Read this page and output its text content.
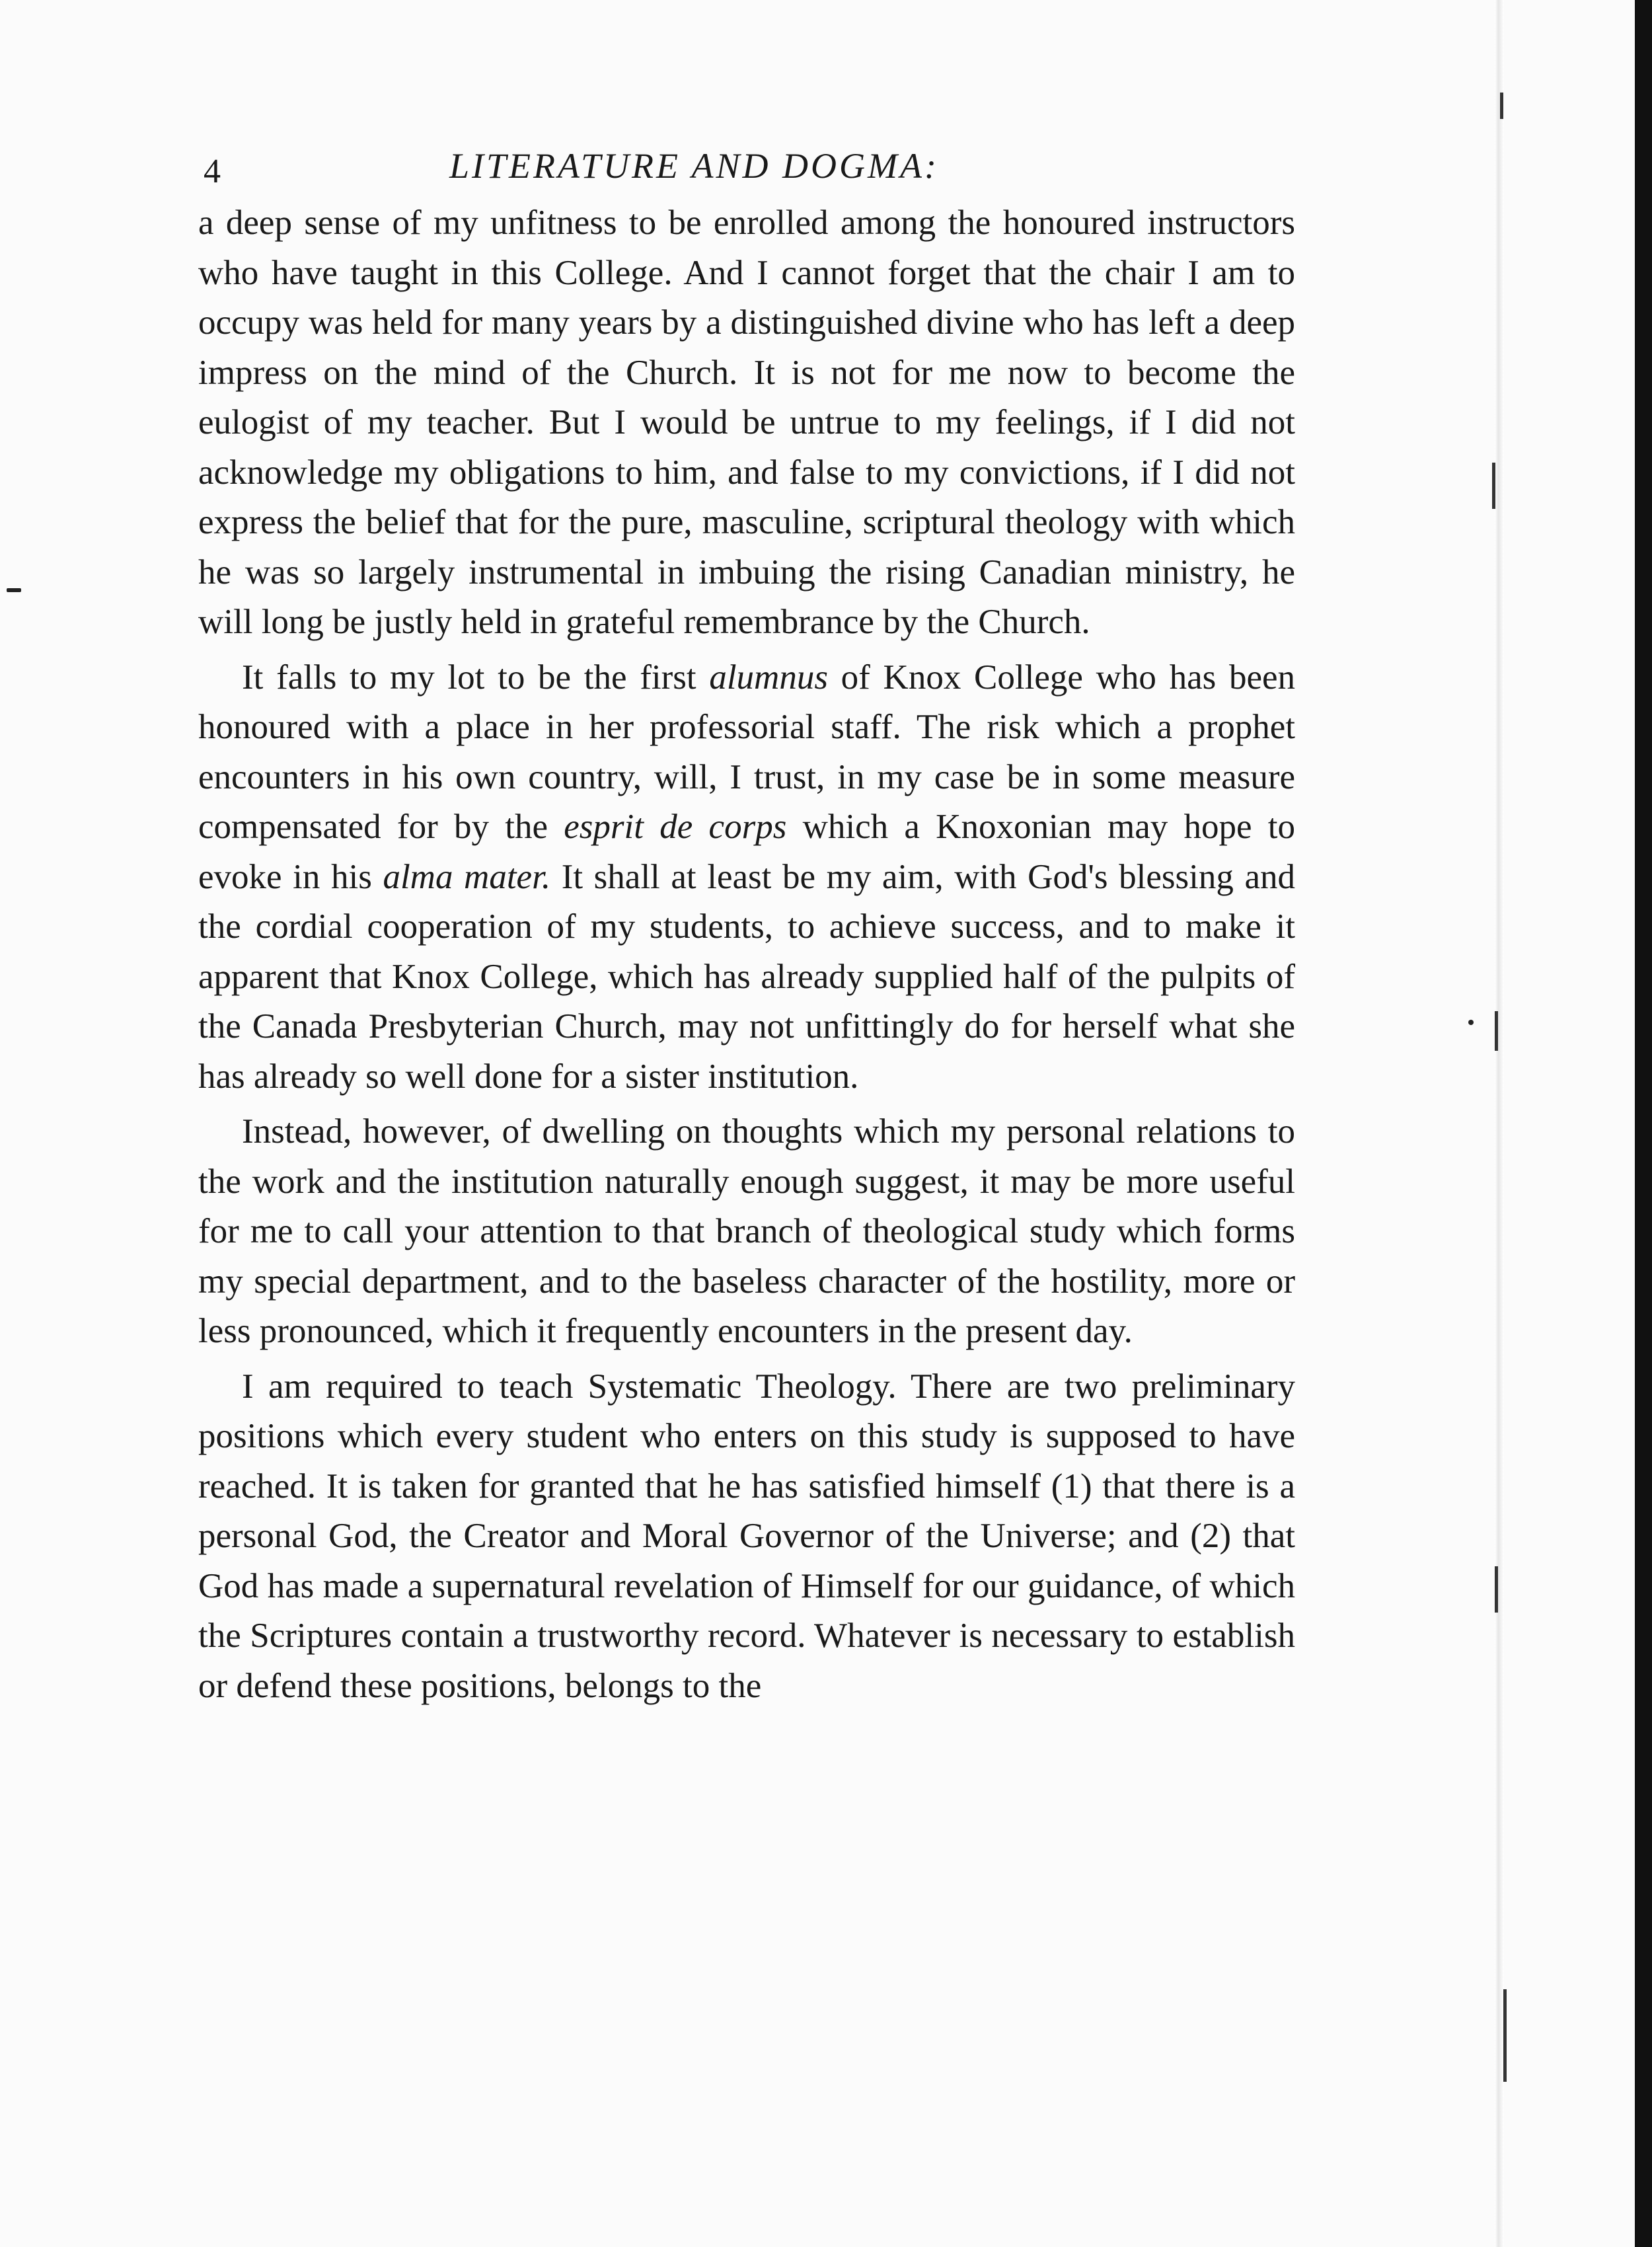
4	LITERATURE AND DOGMA:

a deep sense of my unfitness to be enrolled among the honoured instructors who have taught in this College. And I cannot forget that the chair I am to occupy was held for many years by a distinguished divine who has left a deep impress on the mind of the Church. It is not for me now to become the eulogist of my teacher. But I would be untrue to my feelings, if I did not acknowledge my obligations to him, and false to my convictions, if I did not express the belief that for the pure, masculine, scriptural theology with which he was so largely instrumental in imbuing the rising Canadian ministry, he will long be justly held in grateful remembrance by the Church.

It falls to my lot to be the first alumnus of Knox College who has been honoured with a place in her professorial staff. The risk which a prophet encounters in his own country, will, I trust, in my case be in some measure compensated for by the esprit de corps which a Knoxonian may hope to evoke in his alma mater. It shall at least be my aim, with God's blessing and the cordial cooperation of my students, to achieve success, and to make it apparent that Knox College, which has already supplied half of the pulpits of the Canada Presbyterian Church, may not unfittingly do for herself what she has already so well done for a sister institution.

Instead, however, of dwelling on thoughts which my personal relations to the work and the institution naturally enough suggest, it may be more useful for me to call your attention to that branch of theological study which forms my special department, and to the baseless character of the hostility, more or less pronounced, which it frequently encounters in the present day.

I am required to teach Systematic Theology. There are two preliminary positions which every student who enters on this study is supposed to have reached. It is taken for granted that he has satisfied himself (1) that there is a personal God, the Creator and Moral Governor of the Universe; and (2) that God has made a supernatural revelation of Himself for our guidance, of which the Scriptures contain a trustworthy record. Whatever is necessary to establish or defend these positions, belongs to the
